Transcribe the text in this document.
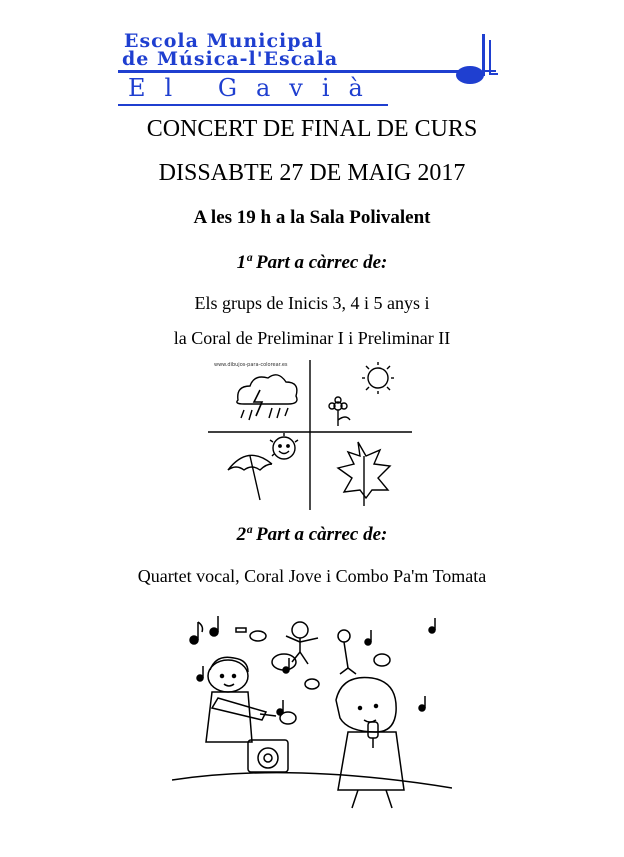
Escola Municipal
de Música-l'Escala
El Gavià
CONCERT DE FINAL DE CURS
DISSABTE 27 DE MAIG 2017
A les 19 h a la Sala Polivalent
1ª Part a càrrec de:
Els grups de Inicis 3, 4 i 5 anys i
la Coral de Preliminar I i Preliminar II
www.dibujos-para-colorear.es
2ª Part a càrrec de:
Quartet vocal, Coral Jove i Combo Pa'm Tomata
